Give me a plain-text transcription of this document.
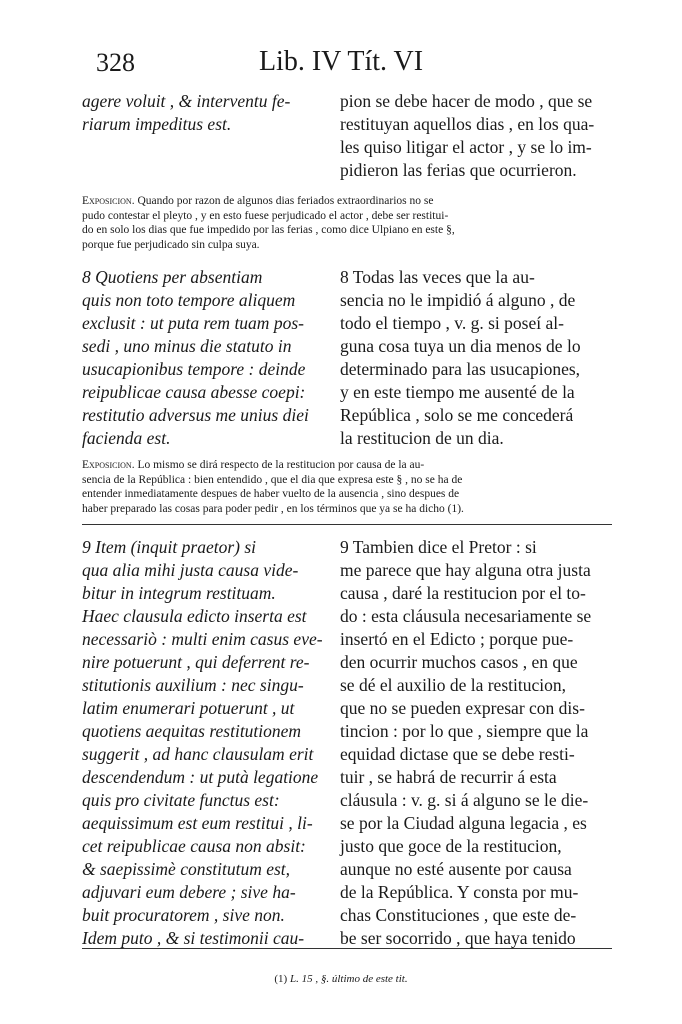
328	Lib. IV Tít. VI
agere voluit , & interventu fe-
riarum impeditus est.
pion se debe hacer de modo , que se
restituyan aquellos dias , en los qua-
les quiso litigar el actor , y se lo im-
pidieron las ferias que ocurrieron.
Exposicion. Quando por razon de algunos dias feriados extraordinarios no se
pudo contestar el pleyto , y en esto fuese perjudicado el actor , debe ser restitui-
do en solo los dias que fue impedido por las ferias , como dice Ulpiano en este §,
porque fue perjudicado sin culpa suya.
8 Quotiens per absentiam
quis non toto tempore aliquem
exclusit : ut puta rem tuam pos-
sedi , uno minus die statuto in
usucapionibus tempore : deinde
reipublicae causa abesse coepi:
restitutio adversus me unius diei
facienda est.
8 Todas las veces que la au-
sencia no le impidió á alguno , de
todo el tiempo , v. g. si poseí al-
guna cosa tuya un dia menos de lo
determinado para las usucapiones,
y en este tiempo me ausenté de la
República , solo se me concederá
la restitucion de un dia.
Exposicion. Lo mismo se dirá respecto de la restitucion por causa de la au-
sencia de la República : bien entendido , que el dia que expresa este § , no se ha de
entender inmediatamente despues de haber vuelto de la ausencia , sino despues de
haber preparado las cosas para poder pedir , en los términos que ya se ha dicho (1).
9 Item (inquit praetor) si
qua alia mihi justa causa vide-
bitur in integrum restituam.
Haec clausula edicto inserta est
necessariò : multi enim casus eve-
nire potuerunt , qui deferrent re-
stitutionis auxilium : nec singu-
latim enumerari potuerunt , ut
quotiens aequitas restitutionem
suggerit , ad hanc clausulam erit
descendendum : ut putà legatione
quis pro civitate functus est:
aequissimum est eum restitui , li-
cet reipublicae causa non absit:
& saepissimè constitutum est,
adjuvari eum debere ; sive ha-
buit procuratorem , sive non.
Idem puto , & si testimonii cau-
9 Tambien dice el Pretor : si
me parece que hay alguna otra justa
causa , daré la restitucion por el to-
do : esta cláusula necesariamente se
insertó en el Edicto ; porque pue-
den ocurrir muchos casos , en que
se dé el auxilio de la restitucion,
que no se pueden expresar con dis-
tincion : por lo que , siempre que la
equidad dictase que se debe resti-
tuir , se habrá de recurrir á esta
cláusula : v. g. si á alguno se le die-
se por la Ciudad alguna legacia , es
justo que goce de la restitucion,
aunque no esté ausente por causa
de la República. Y consta por mu-
chas Constituciones , que este de-
be ser socorrido , que haya tenido
(1) L. 15 , §. último de este tit.
